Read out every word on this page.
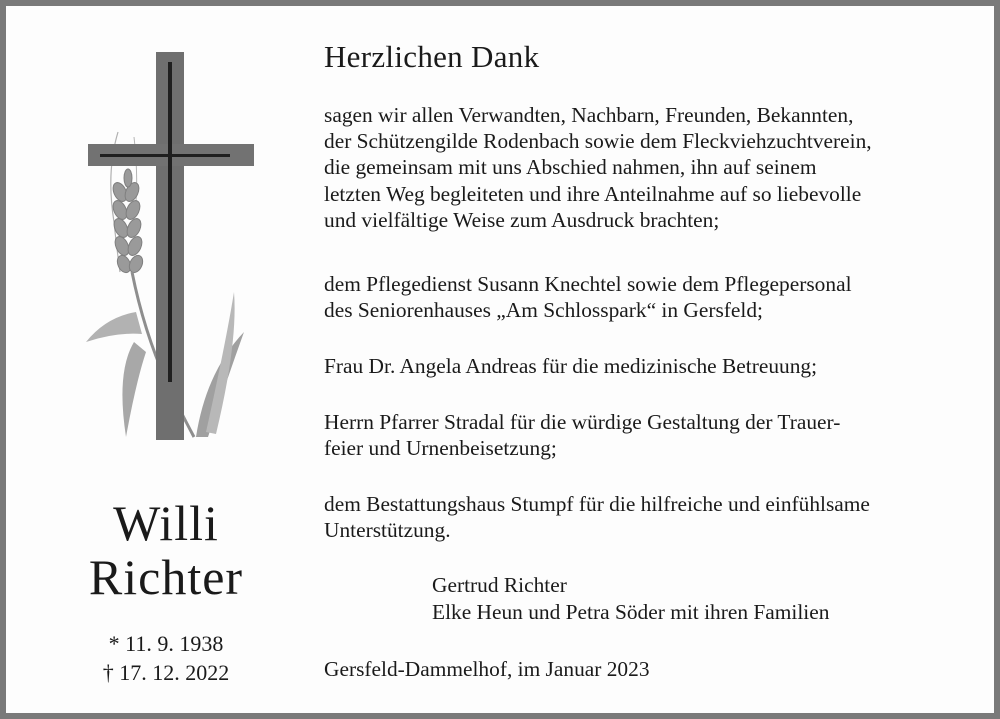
Willi
Richter
* 11. 9. 1938
† 17. 12. 2022
Herzlichen Dank
sagen wir allen Verwandten, Nachbarn, Freunden, Bekannten,
der Schützengilde Rodenbach sowie dem Fleckviehzuchtverein,
die gemeinsam mit uns Abschied nahmen, ihn auf seinem
letzten Weg begleiteten und ihre Anteilnahme auf so liebevolle
und vielfältige Weise zum Ausdruck brachten;
dem Pflegedienst Susann Knechtel sowie dem Pflegepersonal
des Seniorenhauses „Am Schlosspark“ in Gersfeld;
Frau Dr. Angela Andreas für die medizinische Betreuung;
Herrn Pfarrer Stradal für die würdige Gestaltung der Trauer-
feier und Urnenbeisetzung;
dem Bestattungshaus Stumpf für die hilfreiche und einfühlsame
Unterstützung.
Gertrud Richter
Elke Heun und Petra Söder mit ihren Familien
Gersfeld-Dammelhof, im Januar 2023
